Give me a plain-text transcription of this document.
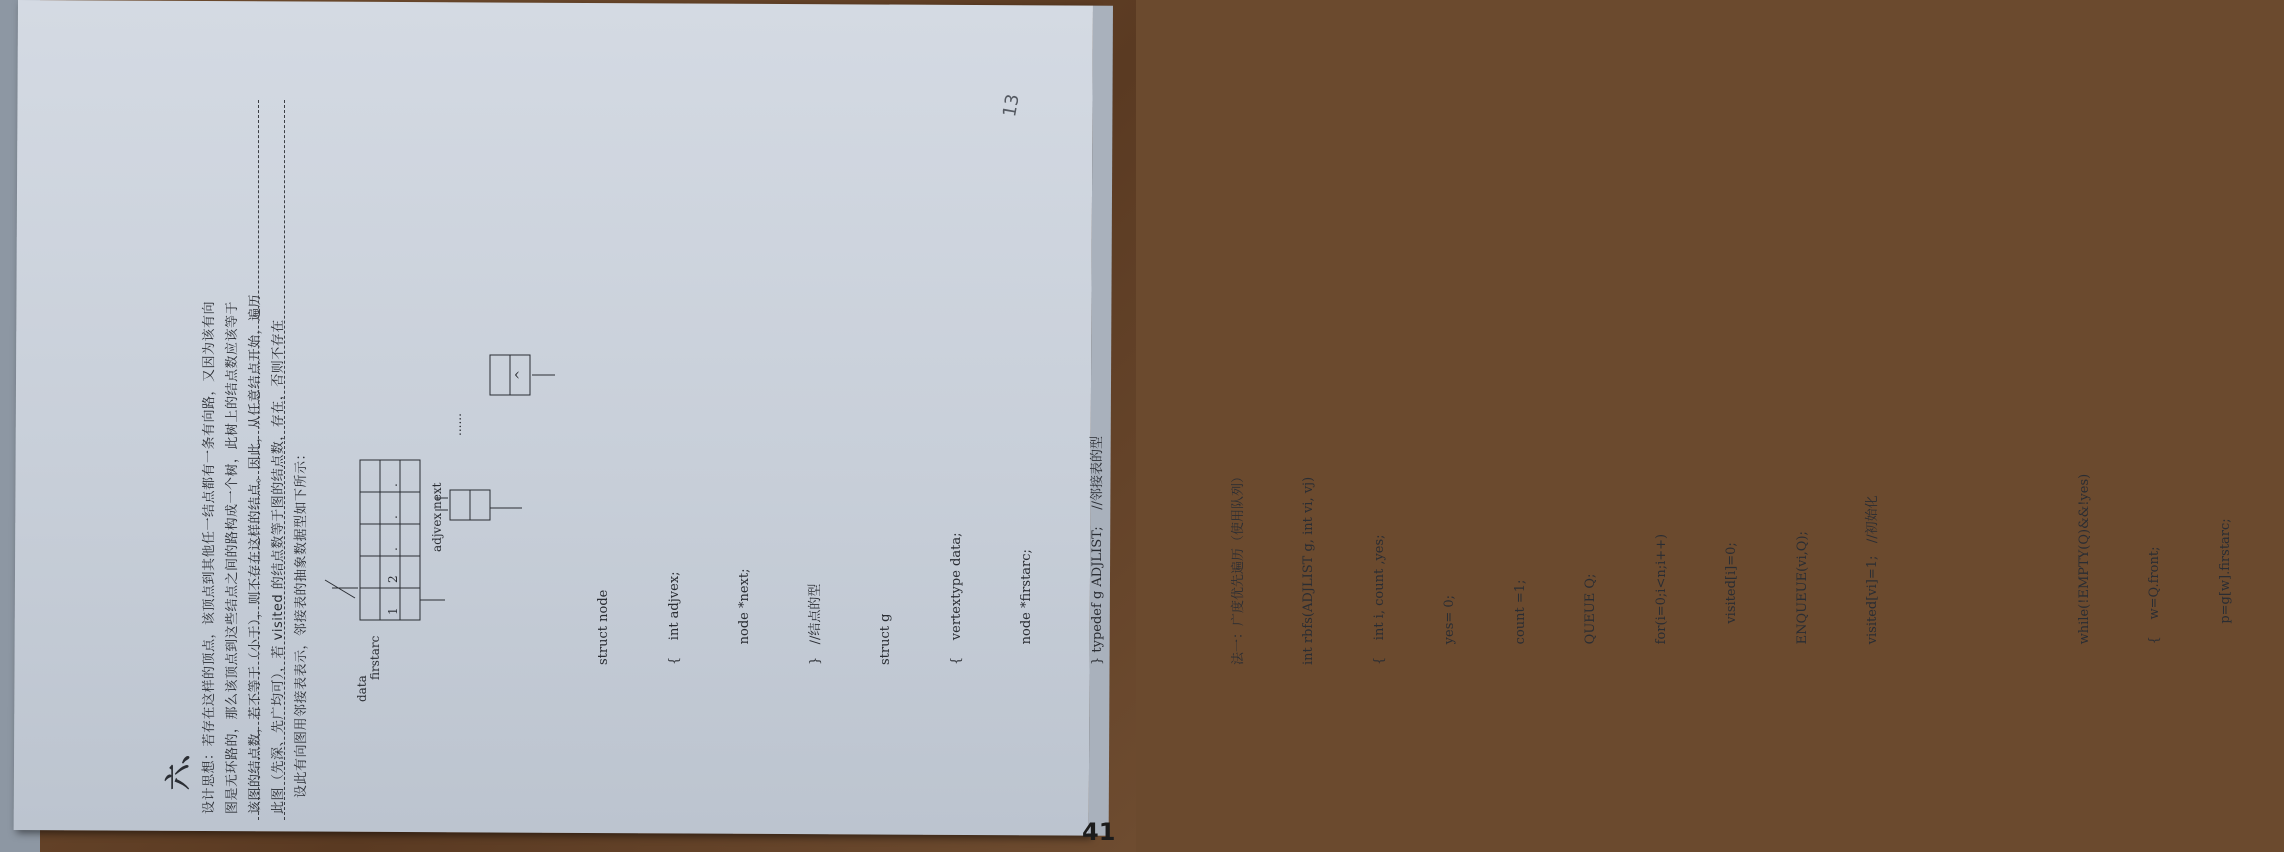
41
13
六、 设计思想：若存在这样的顶点，该顶点到其他任一结点都有一条有向路，又因为该有向 图是无环路的，那么该顶点到这些结点之间的路构成一个树，此树上的结点数应该等于 该图的结点数，若不等于（小于），则不存在这样的结点。因此，从任意结点开始，遍历 此图（先深、先广均可），若 visited 的结点数等于图的结点数，存在，否则不存在 设此有向图用邻接表表示，邻接表的抽象数据型如下所示：	data
firstarc
adjvex next
1
2
.
.
.
......
^

struct node

	{    int adjvex;

	node *next;

	}   //结点的型

	struct g

	{    vertextype data;

	node *firstarc;

	} typedef g ADJLIST;    //邻接表的型

	法一：广度优先遍历（使用队列）

	int rbfs(ADJLIST g, int vi, vj)

	{    int i, count ,yes;

	yes= 0;

	count =1;

	QUEUE Q;

	for(i=0;i<n;i++)

	visited[i]=0;

	ENQUEUE(vi,Q);

	visited[vi]=1;   //初始化

	while(!EMPTY(Q)&&!yes)

	{    w=Q.front;

	p=g[w].firstarc;
